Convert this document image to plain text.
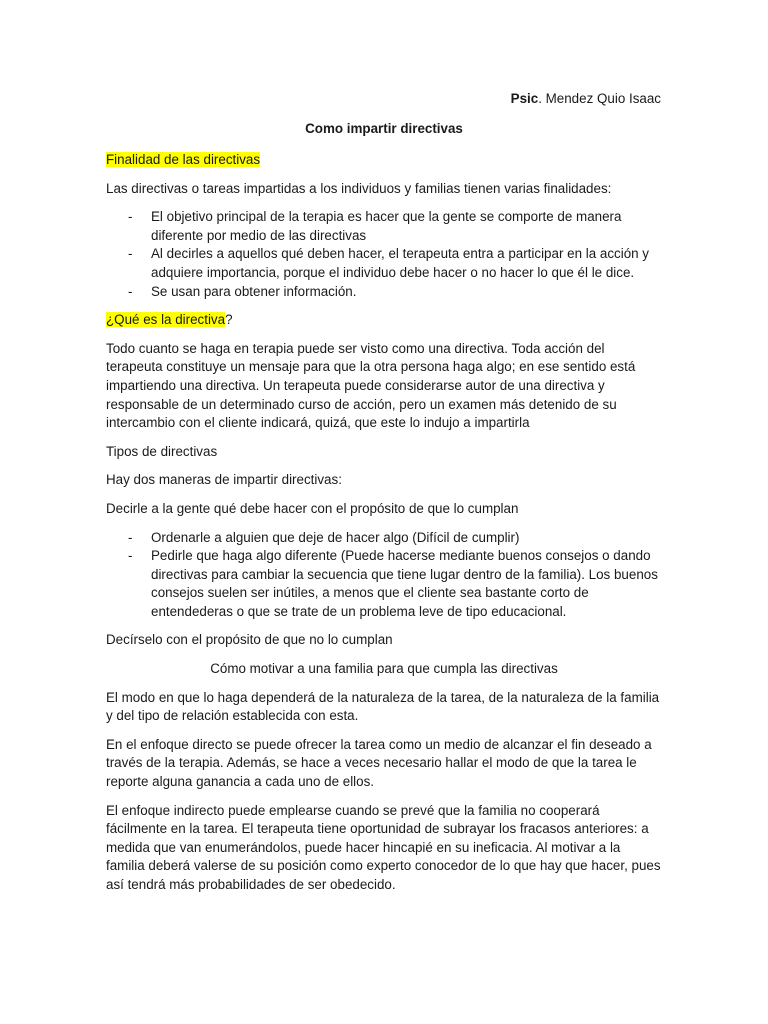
Psic. Mendez Quio Isaac
Como impartir directivas

Finalidad de las directivas

Las directivas o tareas impartidas a los individuos y familias tienen varias finalidades:

- El objetivo principal de la terapia es hacer que la gente se comporte de manera diferente por medio de las directivas
- Al decirles a aquellos qué deben hacer, el terapeuta entra a participar en la acción y adquiere importancia, porque el individuo debe hacer o no hacer lo que él le dice.
- Se usan para obtener información.

¿Qué es la directiva?

Todo cuanto se haga en terapia puede ser visto como una directiva. Toda acción del terapeuta constituye un mensaje para que la otra persona haga algo; en ese sentido está impartiendo una directiva. Un terapeuta puede considerarse autor de una directiva y responsable de un determinado curso de acción, pero un examen más detenido de su intercambio con el cliente indicará, quizá, que este lo indujo a impartirla

Tipos de directivas

Hay dos maneras de impartir directivas:

Decirle a la gente qué debe hacer con el propósito de que lo cumplan

- Ordenarle a alguien que deje de hacer algo (Difícil de cumplir)
- Pedirle que haga algo diferente (Puede hacerse mediante buenos consejos o dando directivas para cambiar la secuencia que tiene lugar dentro de la familia). Los buenos consejos suelen ser inútiles, a menos que el cliente sea bastante corto de entendederas o que se trate de un problema leve de tipo educacional.

Decírselo con el propósito de que no lo cumplan

Cómo motivar a una familia para que cumpla las directivas

El modo en que lo haga dependerá de la naturaleza de la tarea, de la naturaleza de la familia y del tipo de relación establecida con esta.

En el enfoque directo se puede ofrecer la tarea como un medio de alcanzar el fin deseado a través de la terapia. Además, se hace a veces necesario hallar el modo de que la tarea le reporte alguna ganancia a cada uno de ellos.

El enfoque indirecto puede emplearse cuando se prevé que la familia no cooperará fácilmente en la tarea. El terapeuta tiene oportunidad de subrayar los fracasos anteriores: a medida que van enumerándolos, puede hacer hincapié en su ineficacia. Al motivar a la familia deberá valerse de su posición como experto conocedor de lo que hay que hacer, pues así tendrá más probabilidades de ser obedecido.
